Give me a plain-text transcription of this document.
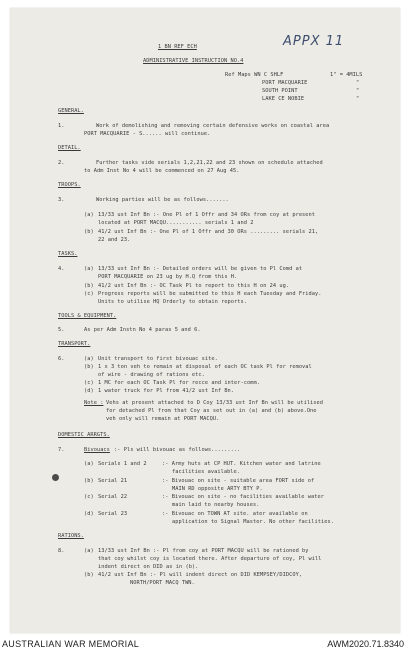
APPX 11
1 BN REF ECH
ADMINISTRATIVE INSTRUCTION NO.4
Ref Maps WN C SHLF	1" = 4MILS
PORT MACQUARIE	"
SOUTH POINT	"
LAKE CE NOBIE	"
GENERAL.
1.	Work of demolishing and removing certain defensive works on coastal area
PORT MACQUARIE - S...... will continue.
DETAIL.
2.	Further tasks vide serials 1,2,21,22 and 23 shown on schedule attached
to Adm Inst No 4 will be commenced on 27 Aug 45.
TROOPS.
3.	Working parties will be as follows.......
(a) 13/33 ust Inf Bn :- One Pl of 1 Offr and 34 ORs from coy at present
located at PORT MACQU........... serials 1 and 2
(b) 41/2 ust Inf Bn :- One Pl of 1 Offr and 30 ORs ......... serials 21,
22 and 23.
TASKS.
4.	(a) 13/33 ust Inf Bn :- Detailed orders will be given to Pl Comd at
PORT MACQUARIE on 23 ug by H.Q from this H.
(b) 41/2 ust Inf Bn :- OC Task Pl to report to this H on 24 ug.
(c) Progress reports will be submitted to this H each Tuesday and Friday.
Units to utilise HQ Orderly to obtain reports.
TOOLS & EQUIPMENT.
5.	As per Adm Instn No 4 paras 5 and 6.
TRANSPORT.
6.	(a) Unit transport to first bivouac site.
(b) 1 x 3 ton veh to remain at disposal of each OC task Pl for removal
of wire - drawing of rations etc.
(c) 1 MC for each OC Task Pl for recce and inter-comm.
(d) 1 water truck for Pl from 41/2 ust Inf Bn.
Note : Vehs at present attached to D Coy 13/33 ust Inf Bn will be utilised
for detached Pl from that Coy as set out in (a) and (b) above.One
veh only will remain at PORT MACQU.
DOMESTIC ARRGTS.
7.	Bivouacs :- Pls will bivouac as follows.........
(a) Serials 1 and 2	:- Army huts at CP HUT. Kitchen water and latrine
facilities available.
(b) Serial 21	:- Bivouac on site - suitable area FORT side of
MAIN RD opposite ARTY BTY P.
(c) Serial 22	:- Bivouac on site - no facilities available water
main laid to nearby houses.
(d) Serial 23	:- Bivouac on TOWN AT site. ater available on
application to Signal Master. No other facilities.
RATIONS.
8.	(a) 13/33 ust Inf Bn :- Pl from coy at PORT MACQU will be rationed by
that coy whilst coy is located there. After departure of coy, Pl will
indent direct on DID as in (b).
(b) 41/2 ust Inf Bn :- Pl will indent direct on DID KEMPSEY/DIDCOY,
NORTH/PORT MACQ TWN.
AUSTRALIAN WAR MEMORIAL	AWM2020.71.8340
